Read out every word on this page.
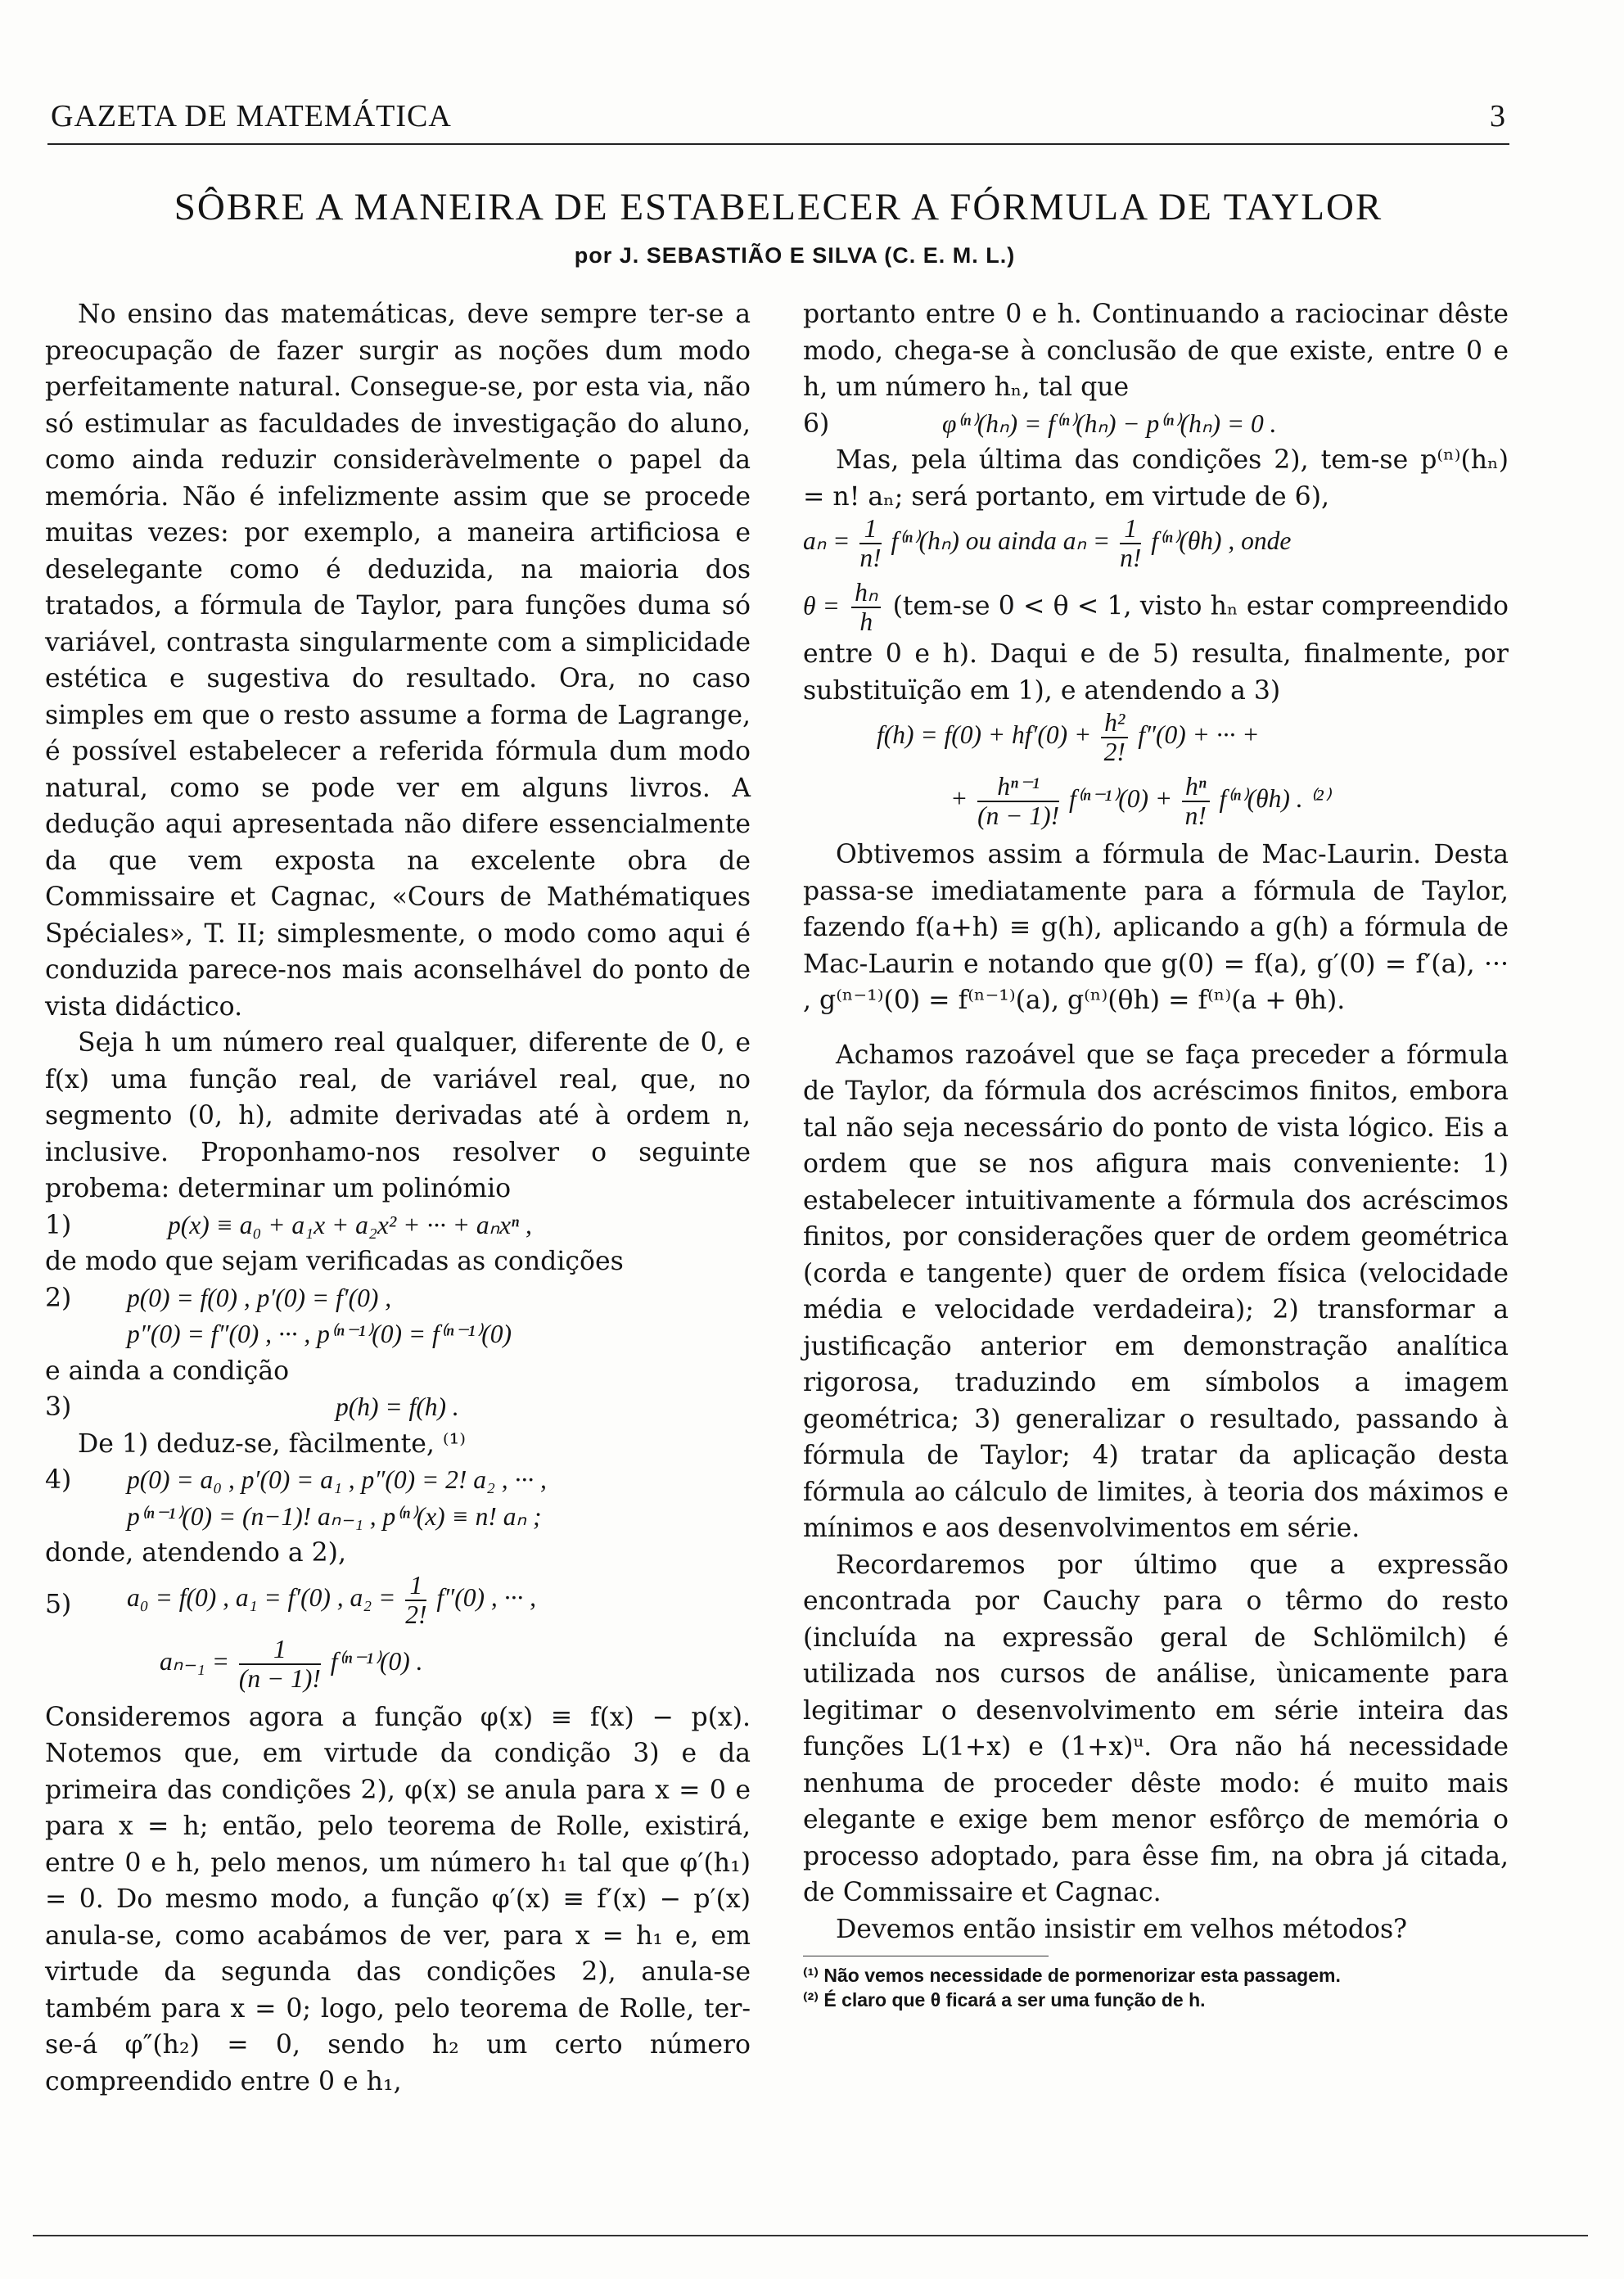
GAZETA DE MATEMÁTICA	3
SÔBRE A MANEIRA DE ESTABELECER A FÓRMULA DE TAYLOR
por J. SEBASTIÃO E SILVA (C. E. M. L.)

No ensino das matemáticas, deve sempre ter-se a preocupação de fazer surgir as noções dum modo perfeitamente natural. Consegue-se, por esta via, não só estimular as faculdades de investigação do aluno, como ainda reduzir consideràvelmente o papel da memória. Não é infelizmente assim que se procede muitas vezes: por exemplo, a maneira artificiosa e deselegante como é deduzida, na maioria dos tratados, a fórmula de Taylor, para funções duma só variável, contrasta singularmente com a simplicidade estética e sugestiva do resultado. Ora, no caso simples em que o resto assume a forma de Lagrange, é possível estabelecer a referida fórmula dum modo natural, como se pode ver em alguns livros. A dedução aqui apresentada não difere essencialmente da que vem exposta na excelente obra de Commissaire et Cagnac, «Cours de Mathématiques Spéciales», T. II; simplesmente, o modo como aqui é conduzida parece-nos mais aconselhável do ponto de vista didáctico.

Seja h um número real qualquer, diferente de 0, e f(x) uma função real, de variável real, que, no segmento (0, h), admite derivadas até à ordem n, inclusive. Proponhamo-nos resolver o seguinte probema: determinar um polinómio

1)	p(x) ≡ a₀ + a₁x + a₂x² + ··· + aₙxⁿ ,

de modo que sejam verificadas as condições

2) p(0) = f(0) , p′(0) = f′(0) ,
p″(0) = f″(0) , ··· , p⁽ⁿ⁻¹⁾(0) = f⁽ⁿ⁻¹⁾(0)

e ainda a condição

3)	p(h) = f(h) .

De 1) deduz-se, fàcilmente, ⁽¹⁾

4) p(0) = a₀ , p′(0) = a₁ , p″(0) = 2! a₂ , ··· ,
p⁽ⁿ⁻¹⁾(0) = (n−1)! aₙ₋₁ , p⁽ⁿ⁾(x) ≡ n! aₙ ;

donde, atendendo a 2),

5) a₀ = f(0) , a₁ = f′(0) , $a_2 = \frac{1}{2!} f''(0)$ , ··· ,
$a_{n-1} = \frac{1}{(n - 1)!} f^{(n-1)}(0)$ .

Consideremos agora a função φ(x) ≡ f(x) − p(x). Notemos que, em virtude da condição 3) e da primeira das condições 2), φ(x) se anula para x = 0 e para x = h; então, pelo teorema de Rolle, existirá, entre 0 e h, pelo menos, um número h₁ tal que φ′(h₁) = 0. Do mesmo modo, a função φ′(x) ≡ f′(x) − p′(x) anula-se, como acabámos de ver, para x = h₁ e, em virtude da segunda das condições 2), anula-se também para x = 0; logo, pelo teorema de Rolle, ter-se-á φ″(h₂) = 0, sendo h₂ um certo número compreendido entre 0 e h₁,

portanto entre 0 e h. Continuando a raciocinar dêste modo, chega-se à conclusão de que existe, entre 0 e h, um número hₙ, tal que

6)	φ⁽ⁿ⁾(hₙ) = f⁽ⁿ⁾(hₙ) − p⁽ⁿ⁾(hₙ) = 0 .

Mas, pela última das condições 2), tem-se p⁽ⁿ⁾(hₙ) = n! aₙ; será portanto, em virtude de 6),

$a_n = \frac{1}{n!} f^{(n)}(h_n)$ ou ainda $a_n = \frac{1}{n!} f^{(n)}(\theta h)$ , onde

$\theta = \frac{\text{hₙ}}{h} (tem-se$ 0 < θ < 1, visto hₙ estar compreendido entre 0 e h). Daqui e de 5) resulta, finalmente, por substituïção em 1), e atendendo a 3)

$f(h) = f(0) + hf'(0) + \frac{\text{h²}}{2!} f''(0)$ + ··· +
+ $\frac{\text{hⁿ⁻¹}}{(n - 1)!} f^{(n-1)}(0) + \frac{\text{hⁿ}}{n!} f^{(n)}(\theta h)$ . ⁽²⁾

Obtivemos assim a fórmula de Mac-Laurin. Desta passa-se imediatamente para a fórmula de Taylor, fazendo f(a+h) ≡ g(h), aplicando a g(h) a fórmula de Mac-Laurin e notando que g(0) = f(a), g′(0) = f′(a), ··· , g⁽ⁿ⁻¹⁾(0) = f⁽ⁿ⁻¹⁾(a), g⁽ⁿ⁾(θh) = f⁽ⁿ⁾(a + θh).

Achamos razoável que se faça preceder a fórmula de Taylor, da fórmula dos acréscimos finitos, embora tal não seja necessário do ponto de vista lógico. Eis a ordem que se nos afigura mais conveniente: 1) estabelecer intuitivamente a fórmula dos acréscimos finitos, por considerações quer de ordem geométrica (corda e tangente) quer de ordem física (velocidade média e velocidade verdadeira); 2) transformar a justificação anterior em demonstração analítica rigorosa, traduzindo em símbolos a imagem geométrica; 3) generalizar o resultado, passando à fórmula de Taylor; 4) tratar da aplicação desta fórmula ao cálculo de limites, à teoria dos máximos e mínimos e aos desenvolvimentos em série.

Recordaremos por último que a expressão encontrada por Cauchy para o têrmo do resto (incluída na expressão geral de Schlömilch) é utilizada nos cursos de análise, ùnicamente para legitimar o desenvolvimento em série inteira das funções L(1+x) e (1+x)ᵘ. Ora não há necessidade nenhuma de proceder dêste modo: é muito mais elegante e exige bem menor esfôrço de memória o processo adoptado, para êsse fim, na obra já citada, de Commissaire et Cagnac.

Devemos então insistir em velhos métodos?

⁽¹⁾ Não vemos necessidade de pormenorizar esta passagem.

⁽²⁾ É claro que θ ficará a ser uma função de h.
